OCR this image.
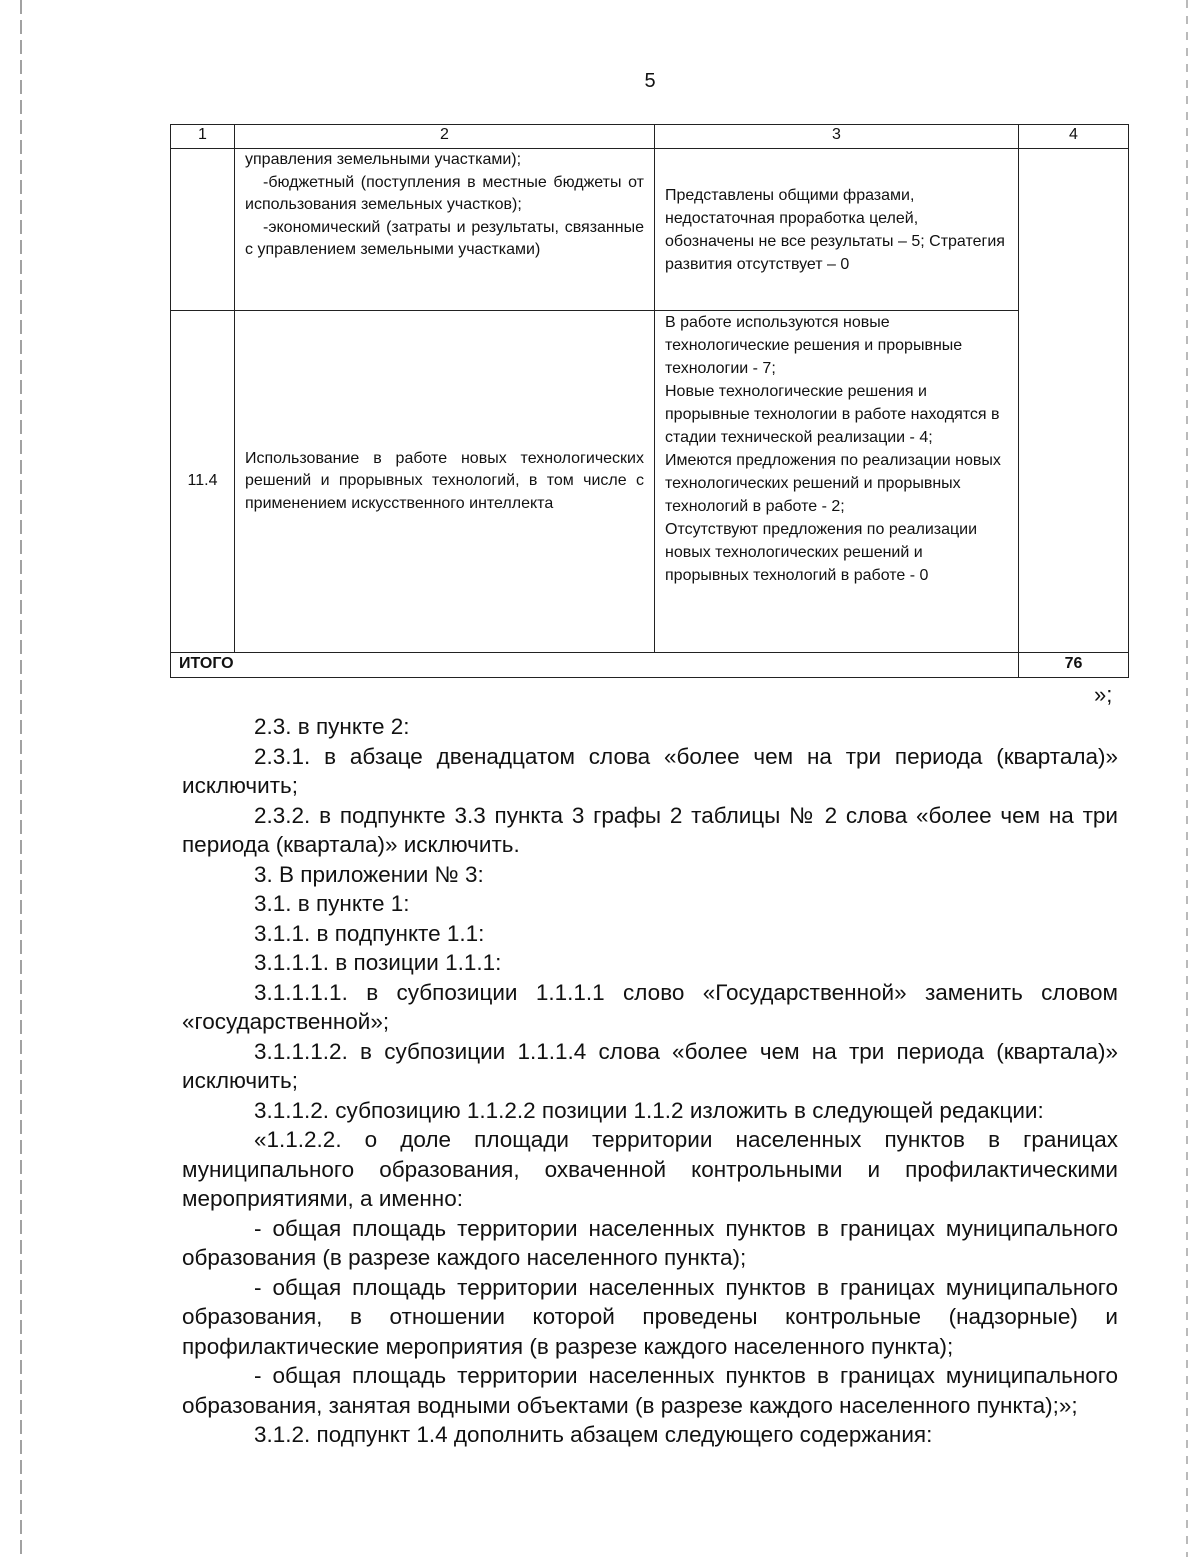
5
1	2	3	4

	управления земельными участками);
-бюджетный (поступления в местные бюджеты от использования земельных участков);
-экономический (затраты и результаты, связанные с управлением земельными участками)	Представлены общими фразами, недостаточная проработка целей, обозначены не все результаты – 5; Стратегия развития отсутствует – 0	

11.4	Использование в работе новых технологических решений и прорывных технологий, в том числе с применением искусственного интеллекта	В работе используются новые технологические решения и прорывные технологии - 7;
Новые технологические решения и прорывные технологии в работе находятся в стадии технической реализации - 4;
Имеются предложения по реализации новых технологических решений и прорывных технологий в работе - 2;
Отсутствуют предложения по реализации новых технологических решений и прорывных технологий в работе - 0	

ИТОГО			76
»;

2.3. в пункте 2:

2.3.1. в абзаце двенадцатом слова «более чем на три периода (квартала)» исключить;

2.3.2. в подпункте 3.3 пункта 3 графы 2 таблицы № 2 слова «более чем на три периода (квартала)» исключить.

3. В приложении № 3:

3.1. в пункте 1:

3.1.1. в подпункте 1.1:

3.1.1.1. в позиции 1.1.1:

3.1.1.1.1. в субпозиции 1.1.1.1 слово «Государственной» заменить словом «государственной»;

3.1.1.1.2. в субпозиции 1.1.1.4 слова «более чем на три периода (квартала)» исключить;

3.1.1.2. субпозицию 1.1.2.2 позиции 1.1.2 изложить в следующей редакции:

«1.1.2.2. о доле площади территории населенных пунктов в границах муниципального образования, охваченной контрольными и профилактическими мероприятиями, а именно:

- общая площадь территории населенных пунктов в границах муниципального образования (в разрезе каждого населенного пункта);

- общая площадь территории населенных пунктов в границах муниципального образования, в отношении которой проведены контрольные (надзорные) и профилактические мероприятия (в разрезе каждого населенного пункта);

- общая площадь территории населенных пунктов в границах муниципального образования, занятая водными объектами (в разрезе каждого населенного пункта);»;

3.1.2. подпункт 1.4 дополнить абзацем следующего содержания:
